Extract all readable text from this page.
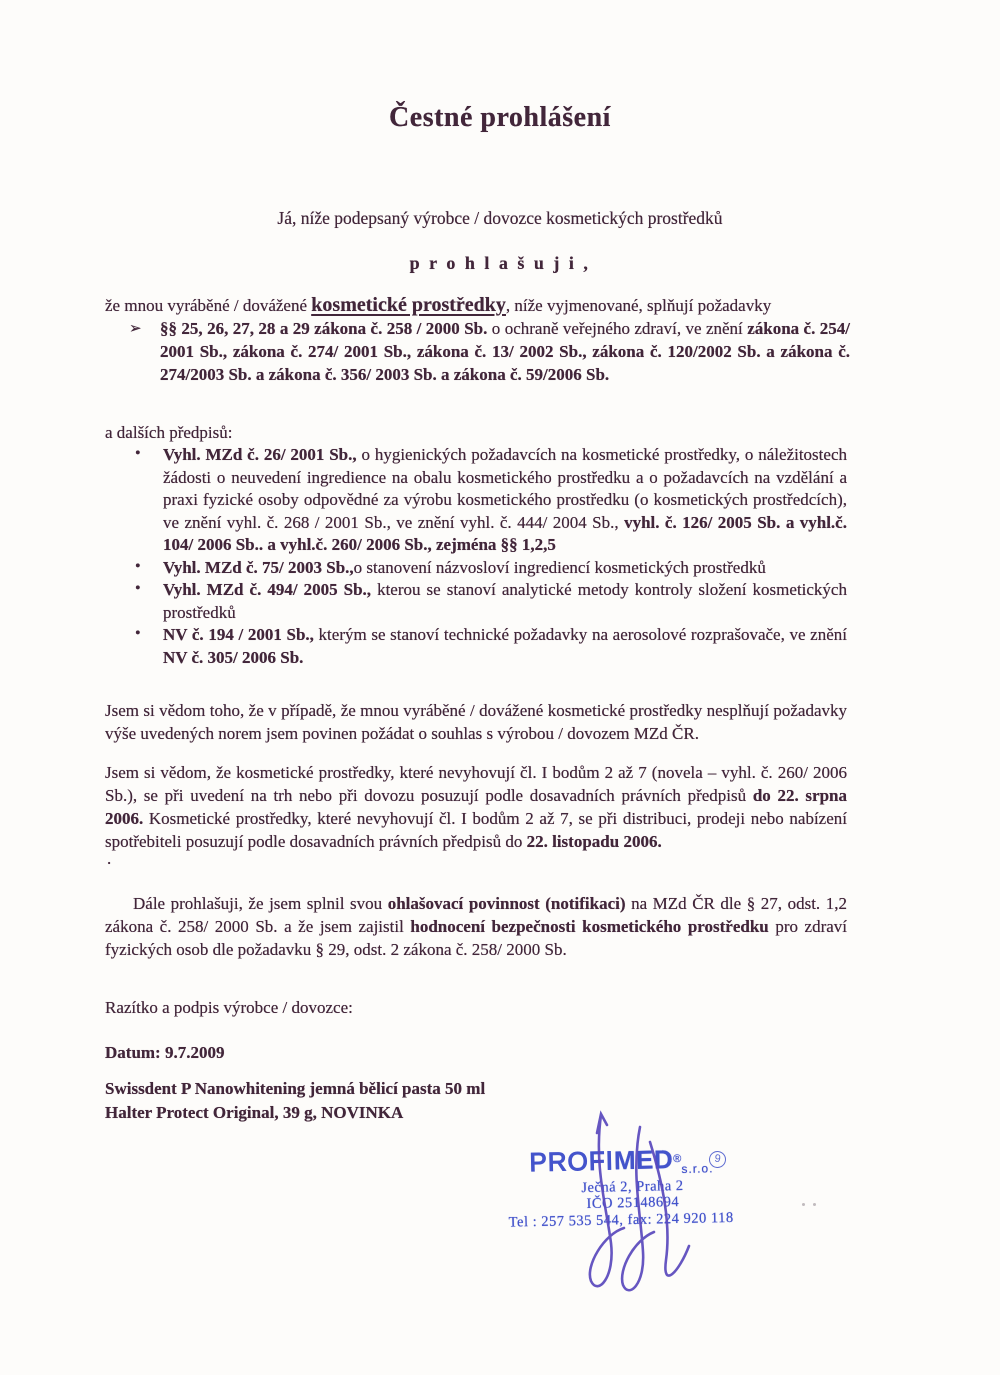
Čestné prohlášení
Já, níže podepsaný výrobce / dovozce kosmetických prostředků
p r o h l a š u j i ,
že mnou vyráběné / dovážené kosmetické prostředky, níže vyjmenované, splňují požadavky
➢ §§ 25, 26, 27, 28 a 29 zákona č. 258 / 2000 Sb. o ochraně veřejného zdraví, ve znění zákona č. 254/ 2001 Sb., zákona č. 274/ 2001 Sb., zákona č. 13/ 2002 Sb., zákona č. 120/2002 Sb. a zákona č. 274/2003 Sb. a zákona č. 356/ 2003 Sb. a zákona č. 59/2006 Sb.
a dalších předpisů:
• Vyhl. MZd č. 26/ 2001 Sb., o hygienických požadavcích na kosmetické prostředky, o náležitostech žádosti o neuvedení ingredience na obalu kosmetického prostředku a o požadavcích na vzdělání a praxi fyzické osoby odpovědné za výrobu kosmetického prostředku (o kosmetických prostředcích), ve znění vyhl. č. 268 / 2001 Sb., ve znění vyhl. č. 444/ 2004 Sb., vyhl. č. 126/ 2005 Sb. a vyhl.č. 104/ 2006 Sb.. a vyhl.č. 260/ 2006 Sb., zejména §§ 1,2,5
• Vyhl. MZd č. 75/ 2003 Sb.,o stanovení názvosloví ingrediencí kosmetických prostředků
• Vyhl. MZd č. 494/ 2005 Sb., kterou se stanoví analytické metody kontroly složení kosmetických prostředků
• NV č. 194 / 2001 Sb., kterým se stanoví technické požadavky na aerosolové rozprašovače, ve znění NV č. 305/ 2006 Sb.
Jsem si vědom toho, že v případě, že mnou vyráběné / dovážené kosmetické prostředky nesplňují požadavky výše uvedených norem jsem povinen požádat o souhlas s výrobou / dovozem MZd ČR.
Jsem si vědom, že kosmetické prostředky, které nevyhovují čl. I bodům 2 až 7 (novela – vyhl. č. 260/ 2006 Sb.), se při uvedení na trh nebo při dovozu posuzují podle dosavadních právních předpisů do 22. srpna 2006. Kosmetické prostředky, které nevyhovují čl. I bodům 2 až 7, se při distribuci, prodeji nebo nabízení spotřebiteli posuzují podle dosavadních právních předpisů do 22. listopadu 2006.
.
Dále prohlašuji, že jsem splnil svou ohlašovací povinnost (notifikaci) na MZd ČR dle § 27, odst. 1,2 zákona č. 258/ 2000 Sb. a že jsem zajistil hodnocení bezpečnosti kosmetického prostředku pro zdraví fyzických osob dle požadavku § 29, odst. 2 zákona č. 258/ 2000 Sb.
Razítko a podpis výrobce / dovozce:
Datum: 9.7.2009
Swissdent P Nanowhitening jemná bělicí pasta 50 ml
Halter Protect Original, 39 g, NOVINKA
PROFIMED®s.r.o.
Ječná 2, Praha 2
IČO 25148694
Tel : 257 535 544, fax: 224 920 118
9
